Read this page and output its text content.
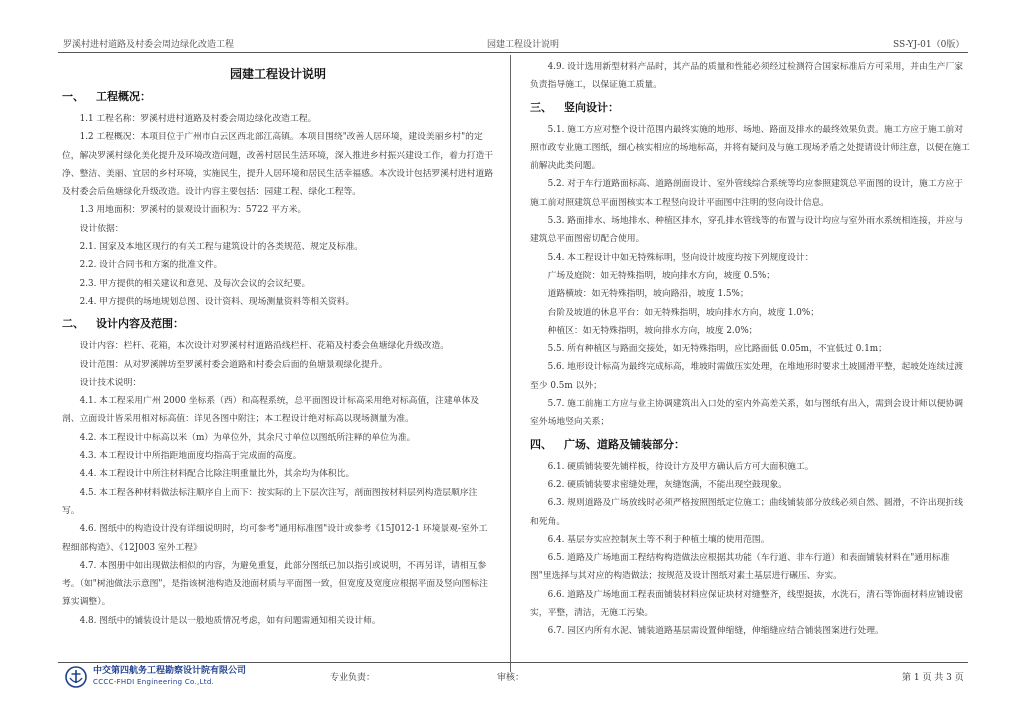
罗溪村进村道路及村委会周边绿化改造工程	园建工程设计说明	SS-YJ-01（0版）

园建工程设计说明

一、 工程概况：

1.1 工程名称：罗溪村进村道路及村委会周边绿化改造工程。

1.2 工程概况：本项目位于广州市白云区西北部江高镇。本项目围绕"改善人居环境，建设美丽乡村"的定位，解决罗溪村绿化美化提升及环境改造问题，改善村居民生活环境，深入推进乡村振兴建设工作，着力打造干净、整洁、美丽、宜居的乡村环境，实施民生，提升人居环境和居民生活幸福感。本次设计包括罗溪村进村道路及村委会后鱼塘绿化升级改造。设计内容主要包括：园建工程、绿化工程等。

1.3 用地面积：罗溪村的景观设计面积为：5722 平方米。

设计依据：

2.1. 国家及本地区现行的有关工程与建筑设计的各类规范、规定及标准。

2.2. 设计合同书和方案的批准文件。

2.3. 甲方提供的相关建议和意见、及每次会议的会议纪要。

2.4. 甲方提供的场地规划总图、设计资料、现场测量资料等相关资料。

二、 设计内容及范围：

设计内容：栏杆、花箱，本次设计对罗溪村村道路沿线栏杆、花箱及村委会鱼塘绿化升级改造。

设计范围：从对罗溪牌坊至罗溪村委会道路和村委会后面的鱼塘景观绿化提升。

设计技术说明：

4.1. 本工程采用广州 2000 坐标系（西）和高程系统，总平面图设计标高采用绝对标高值，注建单体及剖、立面设计皆采用相对标高值：详见各图中附注；本工程设计绝对标高以现场测量为准。

4.2. 本工程设计中标高以米（m）为单位外，其余尺寸单位以图纸所注释的单位为准。

4.3. 本工程设计中所指距地面度均指高于完成面的高度。

4.4. 本工程设计中所注材料配合比除注明重量比外，其余均为体积比。

4.5. 本工程各种材料做法标注顺序自上而下：按实际的上下层次注写，剖面图按材料层列构造层顺序注写。

4.6. 图纸中的构造设计没有详细说明时，均可参考"通用标准图"设计或参考《15J012-1 环境景观-室外工程细部构造》、《12J003 室外工程》

4.7. 本图册中如出现做法相似的内容，为避免重复，此部分图纸已加以指引或说明，不再另详，请相互参考。（如"树池做法示意图"，是指该树池构造及池面材质与平面图一致，但宽度及宽度应根据平面及竖向图标注算实调整）。

4.8. 图纸中的铺装设计是以一般地质情况考虑，如有问题需通知相关设计师。

4.9. 设计选用新型材料产品时，其产品的质量和性能必须经过检测符合国家标准后方可采用，并由生产厂家负责指导施工，以保证施工质量。

三、 竖向设计：

5.1. 施工方应对整个设计范围内最终实施的地形、场地、路面及排水的最终效果负责。施工方应于施工前对照市政专业施工图纸，细心核实相应的场地标高，并将有疑问及与施工现场矛盾之处提请设计师注意，以便在施工前解决此类问题。

5.2. 对于车行道路面标高、道路剖面设计、室外管线综合系统等均应参照建筑总平面图的设计，施工方应于施工前对照建筑总平面图核实本工程竖向设计平面图中注明的竖向设计信息。

5.3. 路面排水、场地排水、种植区排水，穿孔排水管线等的布置与设计均应与室外雨水系统相连接，并应与建筑总平面图密切配合使用。

5.4. 本工程设计中如无特殊标明，竖向设计坡度均按下列规度设计：

广场及庭院：如无特殊指明，坡向排水方向，坡度 0.5%；

道路横坡：如无特殊指明，坡向路沿，坡度 1.5%；

台阶及坡道的休息平台：如无特殊指明，坡向排水方向，坡度 1.0%；

种植区：如无特殊指明，坡向排水方向，坡度 2.0%；

5.5. 所有种植区与路面交接处，如无特殊指明，应比路面低 0.05m，不宜低过 0.1m；

5.6. 地形设计标高为最终完成标高，堆坡时需做压实处理，在堆地形时要求土坡圆滑平整，起坡处连续过渡至少 0.5m 以外；

5.7. 施工前施工方应与业主协调建筑出入口处的室内外高差关系，如与图纸有出入，需到会设计师以便协调室外场地竖向关系；

四、 广场、道路及铺装部分：

6.1. 硬质铺装要先铺样板，待设计方及甲方确认后方可大面积施工。

6.2. 硬质铺装要求密缝处理，灰缝饱满，不能出现空鼓现象。

6.3. 规则道路及广场放线时必须严格按照图纸定位施工；曲线铺装部分放线必须自然、圆滑，不许出现折线和死角。

6.4. 基层夯实应控制灰土等不利于种植土壤的使用范围。

6.5. 道路及广场地面工程结构构造做法应根据其功能（车行道、非车行道）和表面铺装材料在"通用标准图"里选择与其对应的构造做法；按规范及设计图纸对素土基层进行碾压、夯实。

6.6. 道路及广场地面工程表面铺装材料应保证块材对缝整齐，线型挺拔，水洗石，清石等饰面材料应铺设密实，平整，清洁，无施工污染。

6.7. 园区内所有水泥、铺装道路基层需设置伸缩缝，伸缩缝应结合铺装图案进行处理。

中交第四航务工程勘察设计院有限公司
CCCC-FHDI Engineering Co.,Ltd.	专业负责：	审核：	第 1 页 共 3 页
